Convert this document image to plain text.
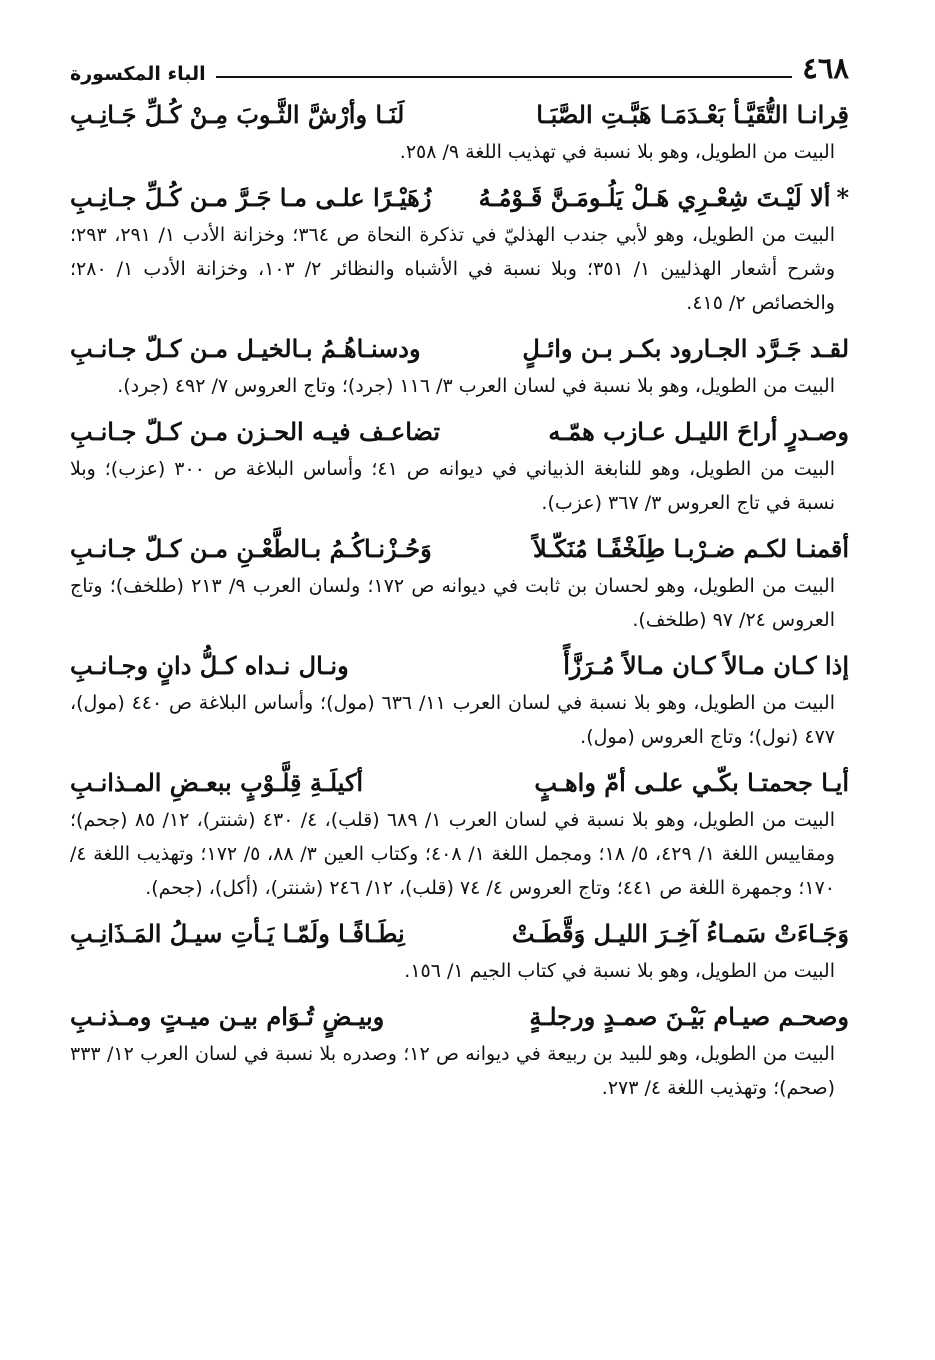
٤٦٨
الباء المكسورة
قِرانـا التُّقَيَّـأ بَعْـدَمَـا هَبَّـتِ الصَّبَـا
لَنَـا وأرْشَّ الثَّـوبَ مِـنْ كُـلِّ جَـانِـبِ
البيت من الطويل، وهو بلا نسبة في تهذيب اللغة ٩/ ٢٥٨.
*ألا لَيْـتَ شِعْـرِي هَـلْ يَلُـومَـنَّ قَـوْمُـهُ
زُهَيْـرًا علـى مـا جَـرَّ مـن كُـلِّ جـانِـبِ
البيت من الطويل، وهو لأبي جندب الهذليّ في تذكرة النحاة ص ٣٦٤؛ وخزانة الأدب ١/ ٢٩١، ٢٩٣؛ وشرح أشعار الهذليين ١/ ٣٥١؛ وبلا نسبة في الأشباه والنظائر ٢/ ١٠٣، وخزانة الأدب ١/ ٢٨٠؛ والخصائص ٢/ ٤١٥.
لقـد جَـرَّد الجـارود بكـر بـن وائـلٍ
ودسنـاهُـمُ بـالخيـل مـن كـلّ جـانـبِ
البيت من الطويل، وهو بلا نسبة في لسان العرب ٣/ ١١٦ (جرد)؛ وتاج العروس ٧/ ٤٩٢ (جرد).
وصـدرٍ أراحَ الليـل عـازب همّـه
تضاعـف فيـه الحـزن مـن كـلّ جـانـبِ
البيت من الطويل، وهو للنابغة الذبياني في ديوانه ص ٤١؛ وأساس البلاغة ص ٣٠٠ (عزب)؛ وبلا نسبة في تاج العروس ٣/ ٣٦٧ (عزب).
أقمنـا لكـم ضـرْبـا طِلَخْفًـا مُنَكّـلاً
وَحُـزْنـاكُـمُ بـالطَّعْـنِ مـن كـلّ جـانـبِ
البيت من الطويل، وهو لحسان بن ثابت في ديوانه ص ١٧٢؛ ولسان العرب ٩/ ٢١٣ (طلخف)؛ وتاج العروس ٢٤/ ٩٧ (طلخف).
إذا كـان مـالاً كـان مـالاً مُـرَزَّأً
ونـال نـداه كـلُّ دانٍ وجـانـبِ
البيت من الطويل، وهو بلا نسبة في لسان العرب ١١/ ٦٣٦ (مول)؛ وأساس البلاغة ص ٤٤٠ (مول)، ٤٧٧ (نول)؛ وتاج العروس (مول).
أيـا جحمتـا بكّـي علـى أمّ واهـبٍ
أكيلَـةِ قِلَّـوْبٍ ببعـضِ المـذانـبِ
البيت من الطويل، وهو بلا نسبة في لسان العرب ١/ ٦٨٩ (قلب)، ٤/ ٤٣٠ (شنتر)، ١٢/ ٨٥ (جحم)؛ ومقاييس اللغة ١/ ٤٢٩، ٥/ ١٨؛ ومجمل اللغة ١/ ٤٠٨؛ وكتاب العين ٣/ ٨٨، ٥/ ١٧٢؛ وتهذيب اللغة ٤/ ١٧٠؛ وجمهرة اللغة ص ٤٤١؛ وتاج العروس ٤/ ٧٤ (قلب)، ١٢/ ٢٤٦ (شنتر)، (أكل)، (جحم).
وَجَـاءَتْ سَمـاءُ آخِـرَ الليـل وَقَّطَـتْ
نِطَـافًـا ولَمّـا يَـأتِ سيـلُ المَـذَانِـبِ
البيت من الطويل، وهو بلا نسبة في كتاب الجيم ١/ ١٥٦.
وصحـم صيـام بَيْـنَ صمـدٍ ورجلـةٍ
وبيـضٍ تُـوَام بيـن ميـتٍ ومـذنـبِ
البيت من الطويل، وهو للبيد بن ربيعة في ديوانه ص ١٢؛ وصدره بلا نسبة في لسان العرب ١٢/ ٣٣٣ (صحم)؛ وتهذيب اللغة ٤/ ٢٧٣.
